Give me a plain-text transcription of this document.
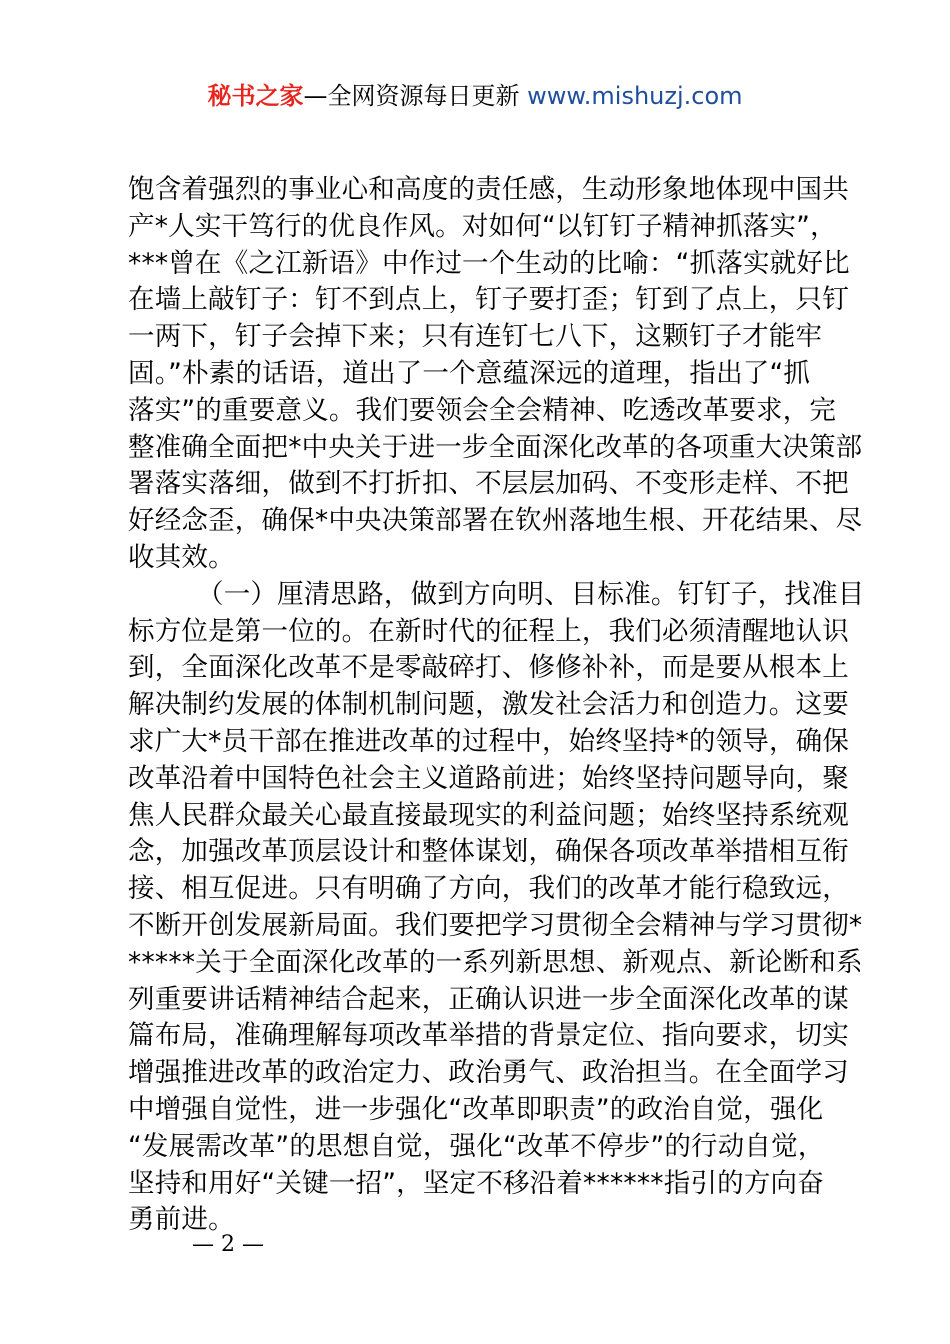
秘书之家—全网资源每日更新 www.mishuzj.com
饱含着强烈的事业心和高度的责任感，生动形象地体现中国共
产*人实干笃行的优良作风。对如何“以钉钉子精神抓落实”，
***曾在《之江新语》中作过一个生动的比喻：“抓落实就好比
在墙上敲钉子：钉不到点上，钉子要打歪；钉到了点上，只钉
一两下，钉子会掉下来；只有连钉七八下，这颗钉子才能牢
固。”朴素的话语，道出了一个意蕴深远的道理，指出了“抓
落实”的重要意义。我们要领会全会精神、吃透改革要求，完
整准确全面把*中央关于进一步全面深化改革的各项重大决策部
署落实落细，做到不打折扣、不层层加码、不变形走样、不把
好经念歪，确保*中央决策部署在钦州落地生根、开花结果、尽
收其效。
（一）厘清思路，做到方向明、目标准。钉钉子，找准目
标方位是第一位的。在新时代的征程上，我们必须清醒地认识
到，全面深化改革不是零敲碎打、修修补补，而是要从根本上
解决制约发展的体制机制问题，激发社会活力和创造力。这要
求广大*员干部在推进改革的过程中，始终坚持*的领导，确保
改革沿着中国特色社会主义道路前进；始终坚持问题导向，聚
焦人民群众最关心最直接最现实的利益问题；始终坚持系统观
念，加强改革顶层设计和整体谋划，确保各项改革举措相互衔
接、相互促进。只有明确了方向，我们的改革才能行稳致远，
不断开创发展新局面。我们要把学习贯彻全会精神与学习贯彻*
*****关于全面深化改革的一系列新思想、新观点、新论断和系
列重要讲话精神结合起来，正确认识进一步全面深化改革的谋
篇布局，准确理解每项改革举措的背景定位、指向要求，切实
增强推进改革的政治定力、政治勇气、政治担当。在全面学习
中增强自觉性，进一步强化“改革即职责”的政治自觉，强化
“发展需改革”的思想自觉，强化“改革不停步”的行动自觉，
坚持和用好“关键一招”，坚定不移沿着******指引的方向奋
勇前进。
— 2 —
